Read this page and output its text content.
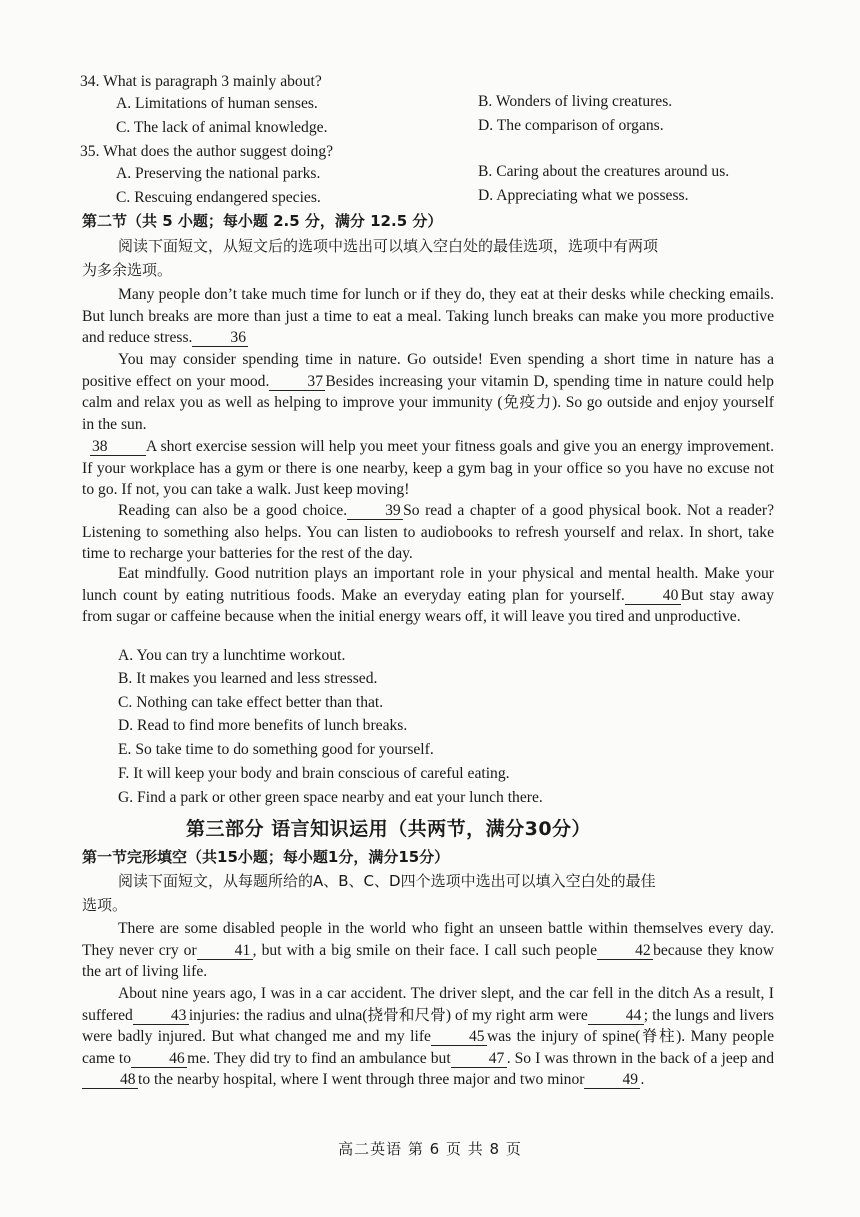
34. What is paragraph 3 mainly about?
A. Limitations of human senses.	B. Wonders of living creatures.
C. The lack of animal knowledge.	D. The comparison of organs.
35. What does the author suggest doing?
A. Preserving the national parks.	B. Caring about the creatures around us.
C. Rescuing endangered species.	D. Appreciating what we possess.
第二节（共 5 小题；每小题 2.5 分，满分 12.5 分）
阅读下面短文，从短文后的选项中选出可以填入空白处的最佳选项，选项中有两项
为多余选项。
Many people don’t take much time for lunch or if they do, they eat at their desks while checking emails. But lunch breaks are more than just a time to eat a meal. Taking lunch breaks can make you more productive and reduce stress. 36
You may consider spending time in nature. Go outside! Even spending a short time in nature has a positive effect on your mood. 37 Besides increasing your vitamin D, spending time in nature could help calm and relax you as well as helping to improve your immunity (免疫力). So go outside and enjoy yourself in the sun.
38 A short exercise session will help you meet your fitness goals and give you an energy improvement. If your workplace has a gym or there is one nearby, keep a gym bag in your office so you have no excuse not to go. If not, you can take a walk. Just keep moving!
Reading can also be a good choice. 39 So read a chapter of a good physical book. Not a reader? Listening to something also helps. You can listen to audiobooks to refresh yourself and relax. In short, take time to recharge your batteries for the rest of the day.
Eat mindfully. Good nutrition plays an important role in your physical and mental health. Make your lunch count by eating nutritious foods. Make an everyday eating plan for yourself. 40 But stay away from sugar or caffeine because when the initial energy wears off, it will leave you tired and unproductive.
A. You can try a lunchtime workout.
B. It makes you learned and less stressed.
C. Nothing can take effect better than that.
D. Read to find more benefits of lunch breaks.
E. So take time to do something good for yourself.
F. It will keep your body and brain conscious of careful eating.
G. Find a park or other green space nearby and eat your lunch there.
第三部分 语言知识运用（共两节，满分30分）
第一节完形填空（共15小题；每小题1分，满分15分）
阅读下面短文，从每题所给的A、B、C、D四个选项中选出可以填入空白处的最佳
选项。
There are some disabled people in the world who fight an unseen battle within themselves every day. They never cry or 41 , but with a big smile on their face. I call such people 42 because they know the art of living life.
About nine years ago, I was in a car accident. The driver slept, and the car fell in the ditch As a result, I suffered 43 injuries: the radius and ulna(挠骨和尺骨) of my right arm were 44 ; the lungs and livers were badly injured. But what changed me and my life 45 was the injury of spine(脊柱). Many people came to 46 me. They did try to find an ambulance but 47 . So I was thrown in the back of a jeep and48 to the nearby hospital, where I went through three major and two minor 49 .
高二英语 第 6 页 共 8 页
